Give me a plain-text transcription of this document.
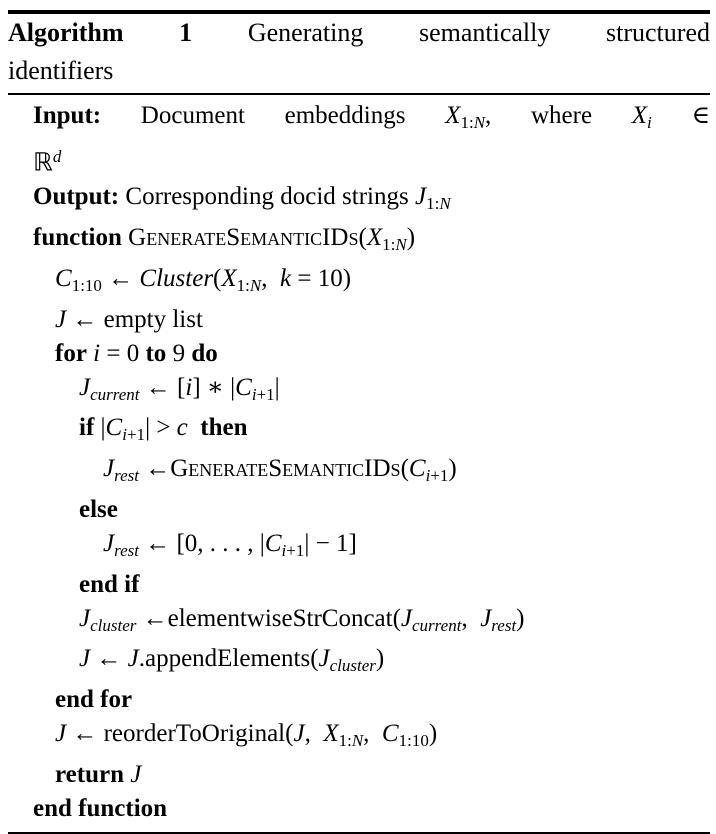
Algorithm 1 Generating semantically structured
identifiers
Input: Document embeddings $X_{1:N}$, where $X_i$ ∈
ℝ$^d$
Output: Corresponding docid strings $J_{1:N}$
function $GenerateSemanticIDs(X_{1:N})$
$C_{1:10}$ ← $Cluster(X_{1:N}$, k = 10)
J ← empty list
for i = 0 to 9 do
$J_{current}$ ← [i] ∗ $|C_{i+1}|$
if $|C_{i+1}| > c$  then
$J_{rest}$ $\leftarrow GenerateSemanticIDs(C_{i+1})$
else
$J_{rest}$ ← [0, . . . , $|C_{i+1}| - 1$]
end if
$J_{cluster}$ $\leftarrow elementwiseStrConcat(J_{current}$, $J_{rest}$)
J ← $J.appendElements(J_{cluster})$
end for
J ← reorderToOriginal(J, $X_{1:N}$, $C_{1:10}$)
return J
end function
